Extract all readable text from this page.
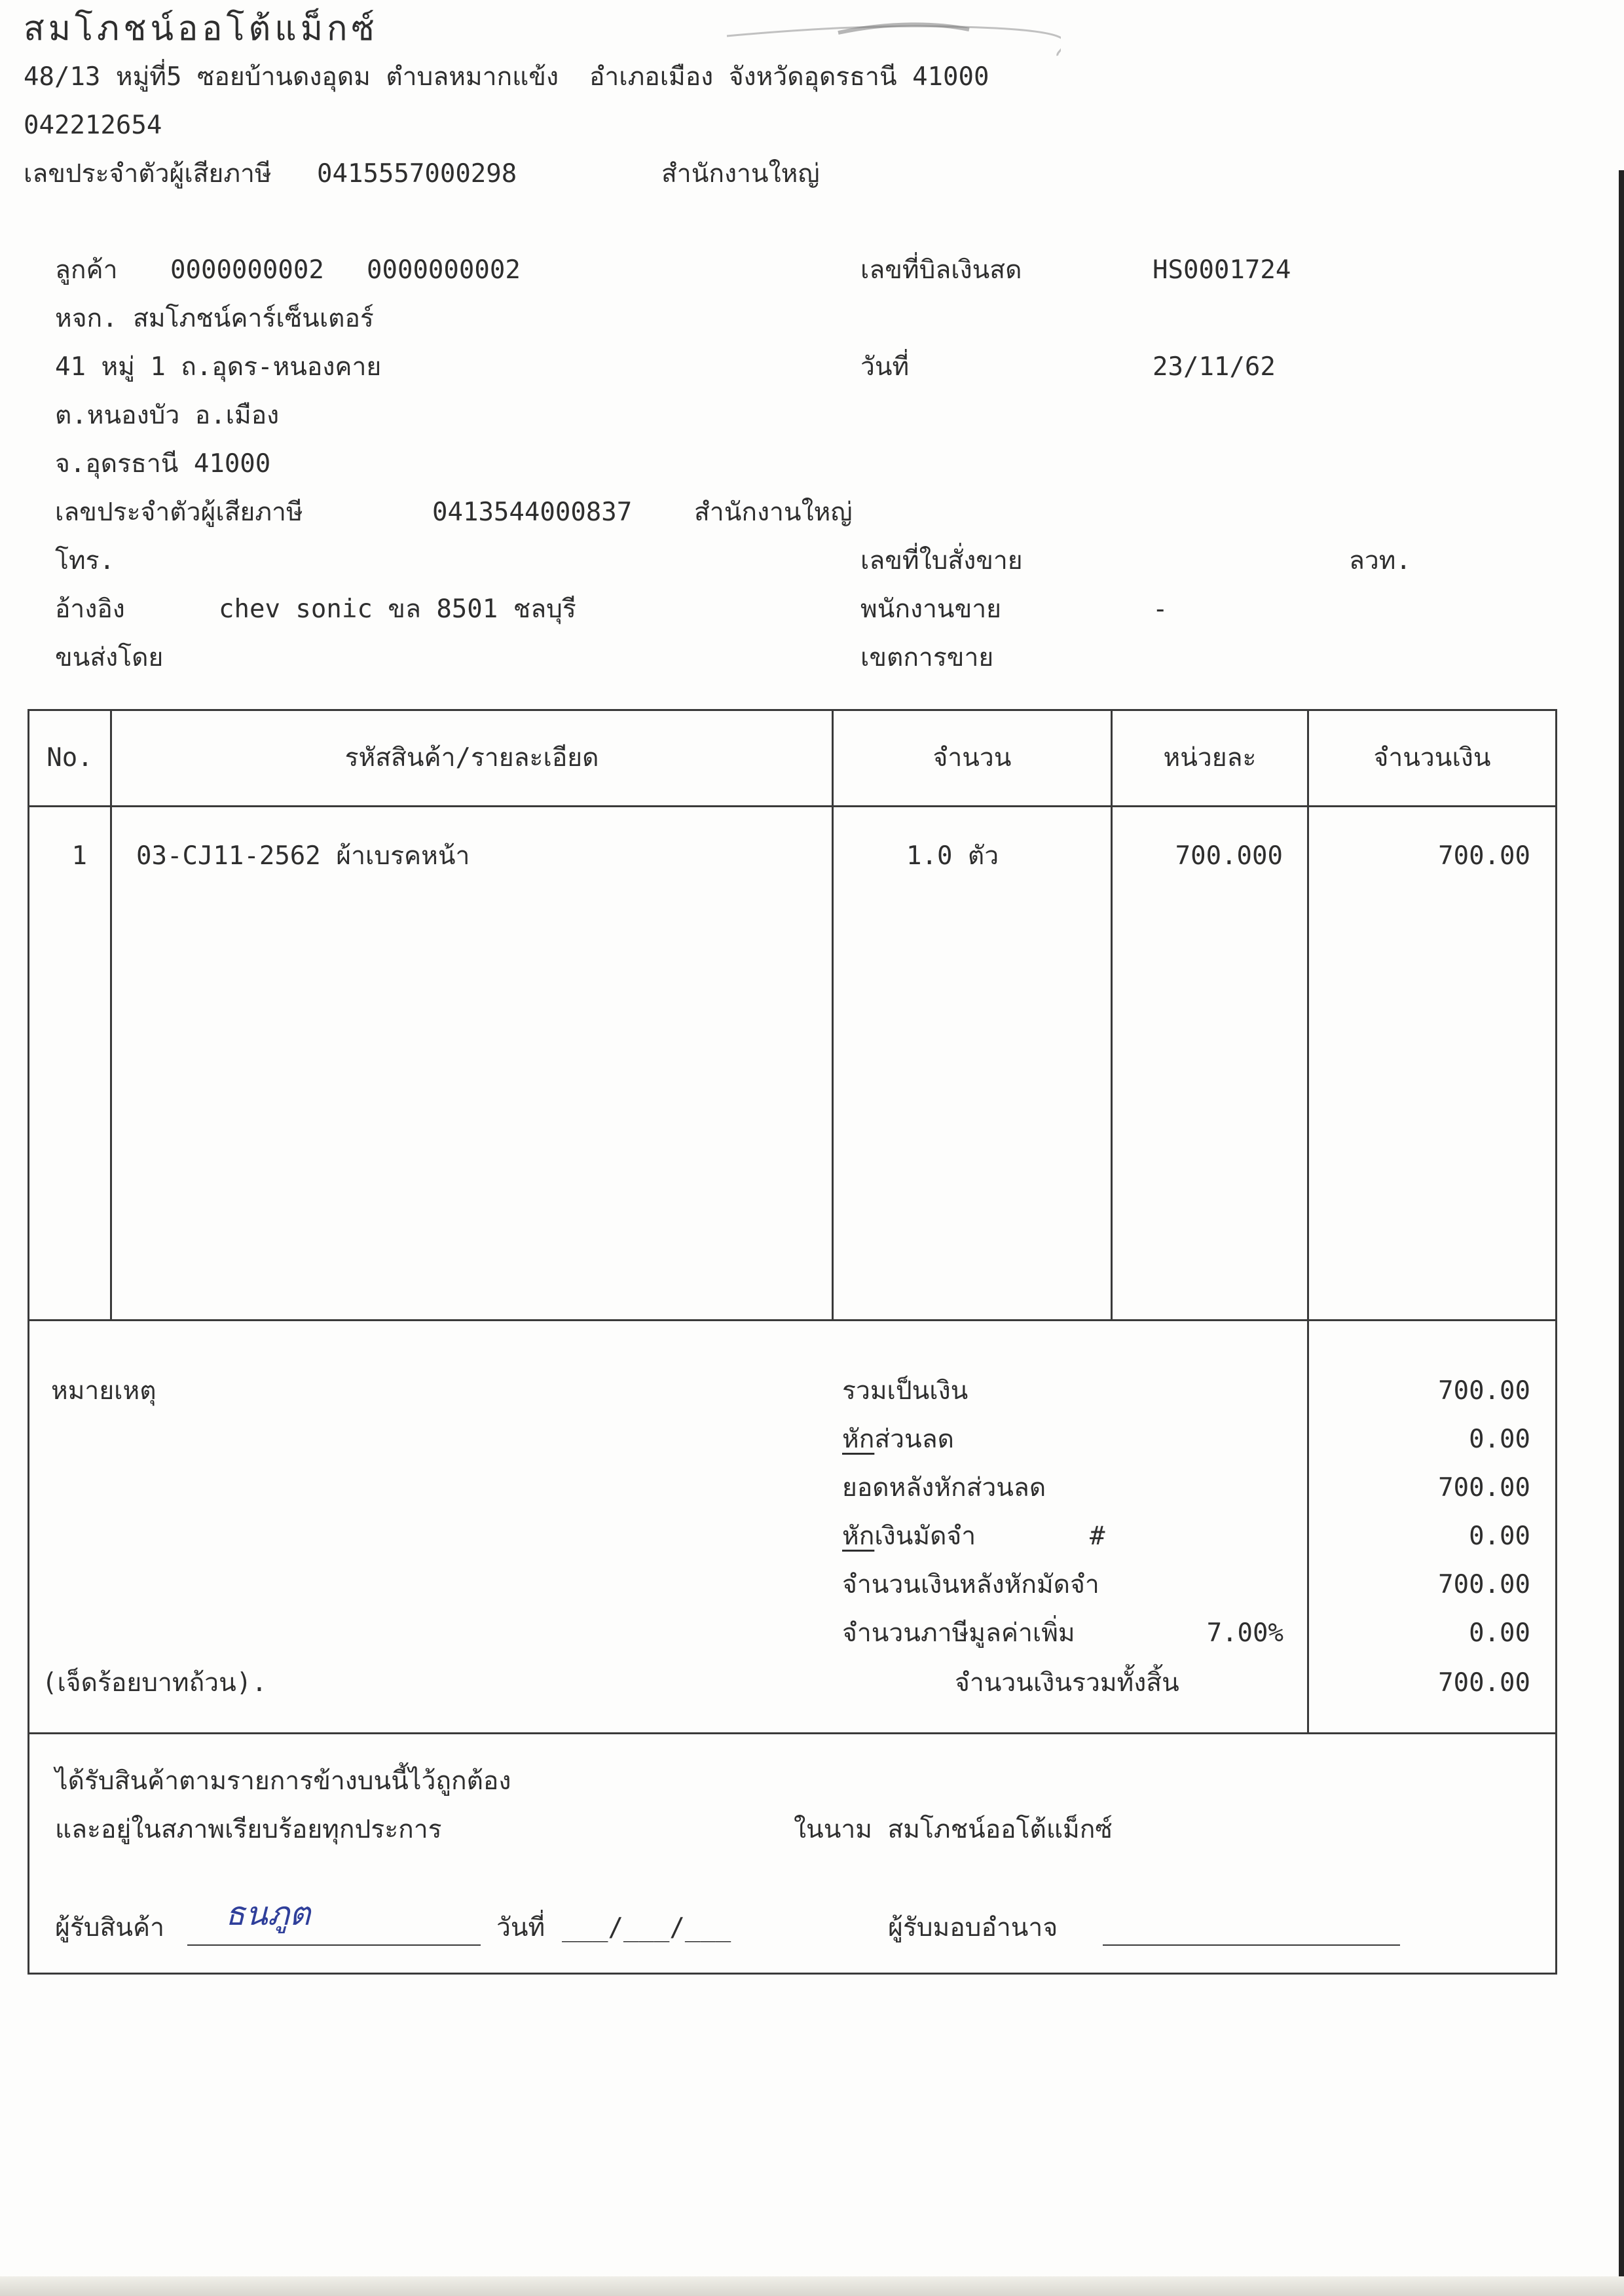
สมโภชน์ออโต้แม็กซ์
48/13 หมู่ที่5 ซอยบ้านดงอุดม ตำบลหมากแข้ง  อำเภอเมือง จังหวัดอุดรธานี 41000
042212654
เลขประจำตัวผู้เสียภาษี 0415557000298	สำนักงานใหญ่
ลูกค้า 0000000002 0000000002
หจก. สมโภชน์คาร์เซ็นเตอร์
41 หมู่ 1 ถ.อุดร-หนองคาย
ต.หนองบัว อ.เมือง
จ.อุดรธานี 41000
เลขประจำตัวผู้เสียภาษี	0413544000837 สำนักงานใหญ่
โทร.
อ้างอิง	chev sonic ขล 8501 ชลบุรี
ขนส่งโดย
เลขที่บิลเงินสด	HS0001724
วันที่	23/11/62
เลขที่ใบสั่งขาย	ลวท.
พนักงานขาย	-
เขตการขาย
No.	รหัสสินค้า/รายละเอียด	จำนวน	หน่วยละ	จำนวนเงิน
1 03-CJ11-2562 ผ้าเบรคหน้า	1.0 ตัว	700.000	700.00
หมายเหตุ
(เจ็ดร้อยบาทถ้วน).
รวมเป็นเงิน	700.00
หักส่วนลด	0.00
ยอดหลังหักส่วนลด	700.00
หักเงินมัดจำ	#	0.00
จำนวนเงินหลังหักมัดจำ	700.00
จำนวนภาษีมูลค่าเพิ่ม	7.00%	0.00
จำนวนเงินรวมทั้งสิ้น	700.00
ได้รับสินค้าตามรายการข้างบนนี้ไว้ถูกต้อง
และอยู่ในสภาพเรียบร้อยทุกประการ	ในนาม สมโภชน์ออโต้แม็กซ์
ผู้รับสินค้า ธนภูต	วันที่ ___/___/___	ผู้รับมอบอำนาจ
